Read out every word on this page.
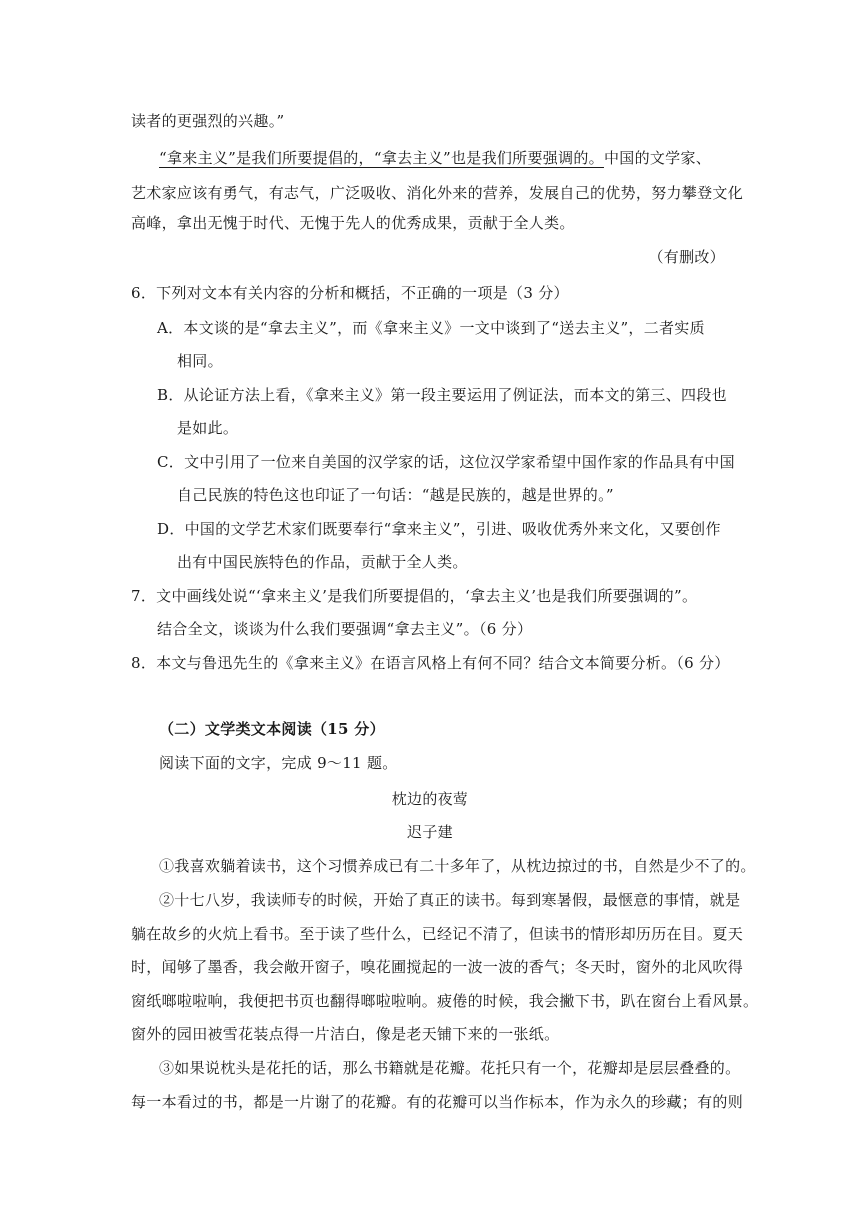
读者的更强烈的兴趣。”
“拿来主义”是我们所要提倡的，“拿去主义”也是我们所要强调的。中国的文学家、
艺术家应该有勇气，有志气，广泛吸收、消化外来的营养，发展自己的优势，努力攀登文化
高峰，拿出无愧于时代、无愧于先人的优秀成果，贡献于全人类。
（有删改）
6．下列对文本有关内容的分析和概括，不正确的一项是（3 分）
A．本文谈的是“拿去主义”，而《拿来主义》一文中谈到了“送去主义”，二者实质
相同。
B．从论证方法上看，《拿来主义》第一段主要运用了例证法，而本文的第三、四段也
是如此。
C．文中引用了一位来自美国的汉学家的话，这位汉学家希望中国作家的作品具有中国
自己民族的特色这也印证了一句话：“越是民族的，越是世界的。”
D．中国的文学艺术家们既要奉行“拿来主义”，引进、吸收优秀外来文化，又要创作
出有中国民族特色的作品，贡献于全人类。
7．文中画线处说“‘拿来主义’是我们所要提倡的，‘拿去主义’也是我们所要强调的”。
结合全文，谈谈为什么我们要强调“拿去主义”。（6 分）
8．本文与鲁迅先生的《拿来主义》在语言风格上有何不同？结合文本简要分析。（6 分）
（二）文学类文本阅读（15 分）
阅读下面的文字，完成 9～11 题。
枕边的夜莺
迟子建
①我喜欢躺着读书，这个习惯养成已有二十多年了，从枕边掠过的书，自然是少不了的。
②十七八岁，我读师专的时候，开始了真正的读书。每到寒暑假，最惬意的事情，就是
躺在故乡的火炕上看书。至于读了些什么，已经记不清了，但读书的情形却历历在目。夏天
时，闻够了墨香，我会敞开窗子，嗅花圃搅起的一波一波的香气；冬天时，窗外的北风吹得
窗纸啷啦啦响，我便把书页也翻得啷啦啦响。疲倦的时候，我会撇下书，趴在窗台上看风景。
窗外的园田被雪花装点得一片洁白，像是老天铺下来的一张纸。
③如果说枕头是花托的话，那么书籍就是花瓣。花托只有一个，花瓣却是层层叠叠的。
每一本看过的书，都是一片谢了的花瓣。有的花瓣可以当作标本，作为永久的珍藏；有的则
